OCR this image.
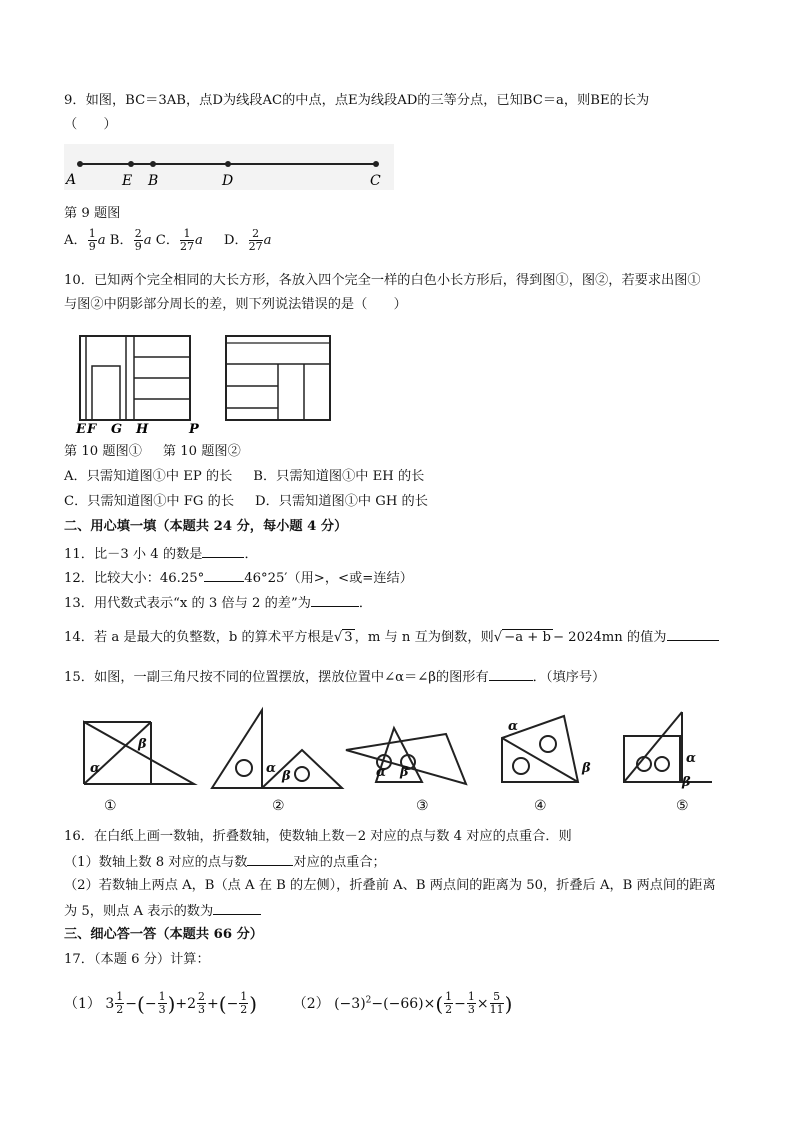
9．如图，BC＝3AB，点D为线段AC的中点，点E为线段AD的三等分点，已知BC＝a，则BE的长为
（　　）
A	E B	D	C
第 9 题图
A． $\frac{1}{9}$ a B． $\frac{2}{9}$ a C． $\frac{1}{27}$ a D． $\frac{2}{27}$ a
10．已知两个完全相同的大长方形，各放入四个完全一样的白色小长方形后，得到图①，图②，若要求出图①
与图②中阴影部分周长的差，则下列说法错误的是（　　）
E F G H	P
第 10 题图① 第 10 题图②
A．只需知道图①中 EP 的长 B．只需知道图①中 EH 的长
C．只需知道图①中 FG 的长 D．只需知道图①中 GH 的长
二、用心填一填（本题共 24 分，每小题 4 分）
11．比－3 小 4 的数是	．
12．比较大小：46.25°	46°25′（用>，<或=连结）
13．用代数式表示“x 的 3 倍与 2 的差”为	．
14．若 a 是最大的负整数，b 的算术平方根是√ 3 ，m 与 n 互为倒数，则√ −a + b − 2024mn 的值为
15．如图，一副三角尺按不同的位置摆放，摆放位置中∠α＝∠β的图形有	．（填序号）
α
β
α
β	α β
α
β
α
β
①	②	③	④	⑤
16．在白纸上画一数轴，折叠数轴，使数轴上数－2 对应的点与数 4 对应的点重合．则
（1）数轴上数 8 对应的点与数	对应的点重合；
（2）若数轴上两点 A，B（点 A 在 B 的左侧），折叠前 A、B 两点间的距离为 50，折叠后 A，B 两点间的距离
为 5，则点 A 表示的数为
三、细心答一答（本题共 66 分）
17．（本题 6 分）计算：
（1） $3 \frac{1}{2}$ −(− $\frac{1}{3} )+2 \frac{2}{3}$ +(− $\frac{1}{2}$ )	（2） $(-3)^2-(-66)\times( \frac{1}{2} - \frac{1}{3} \times \frac{5}{11}$ )
